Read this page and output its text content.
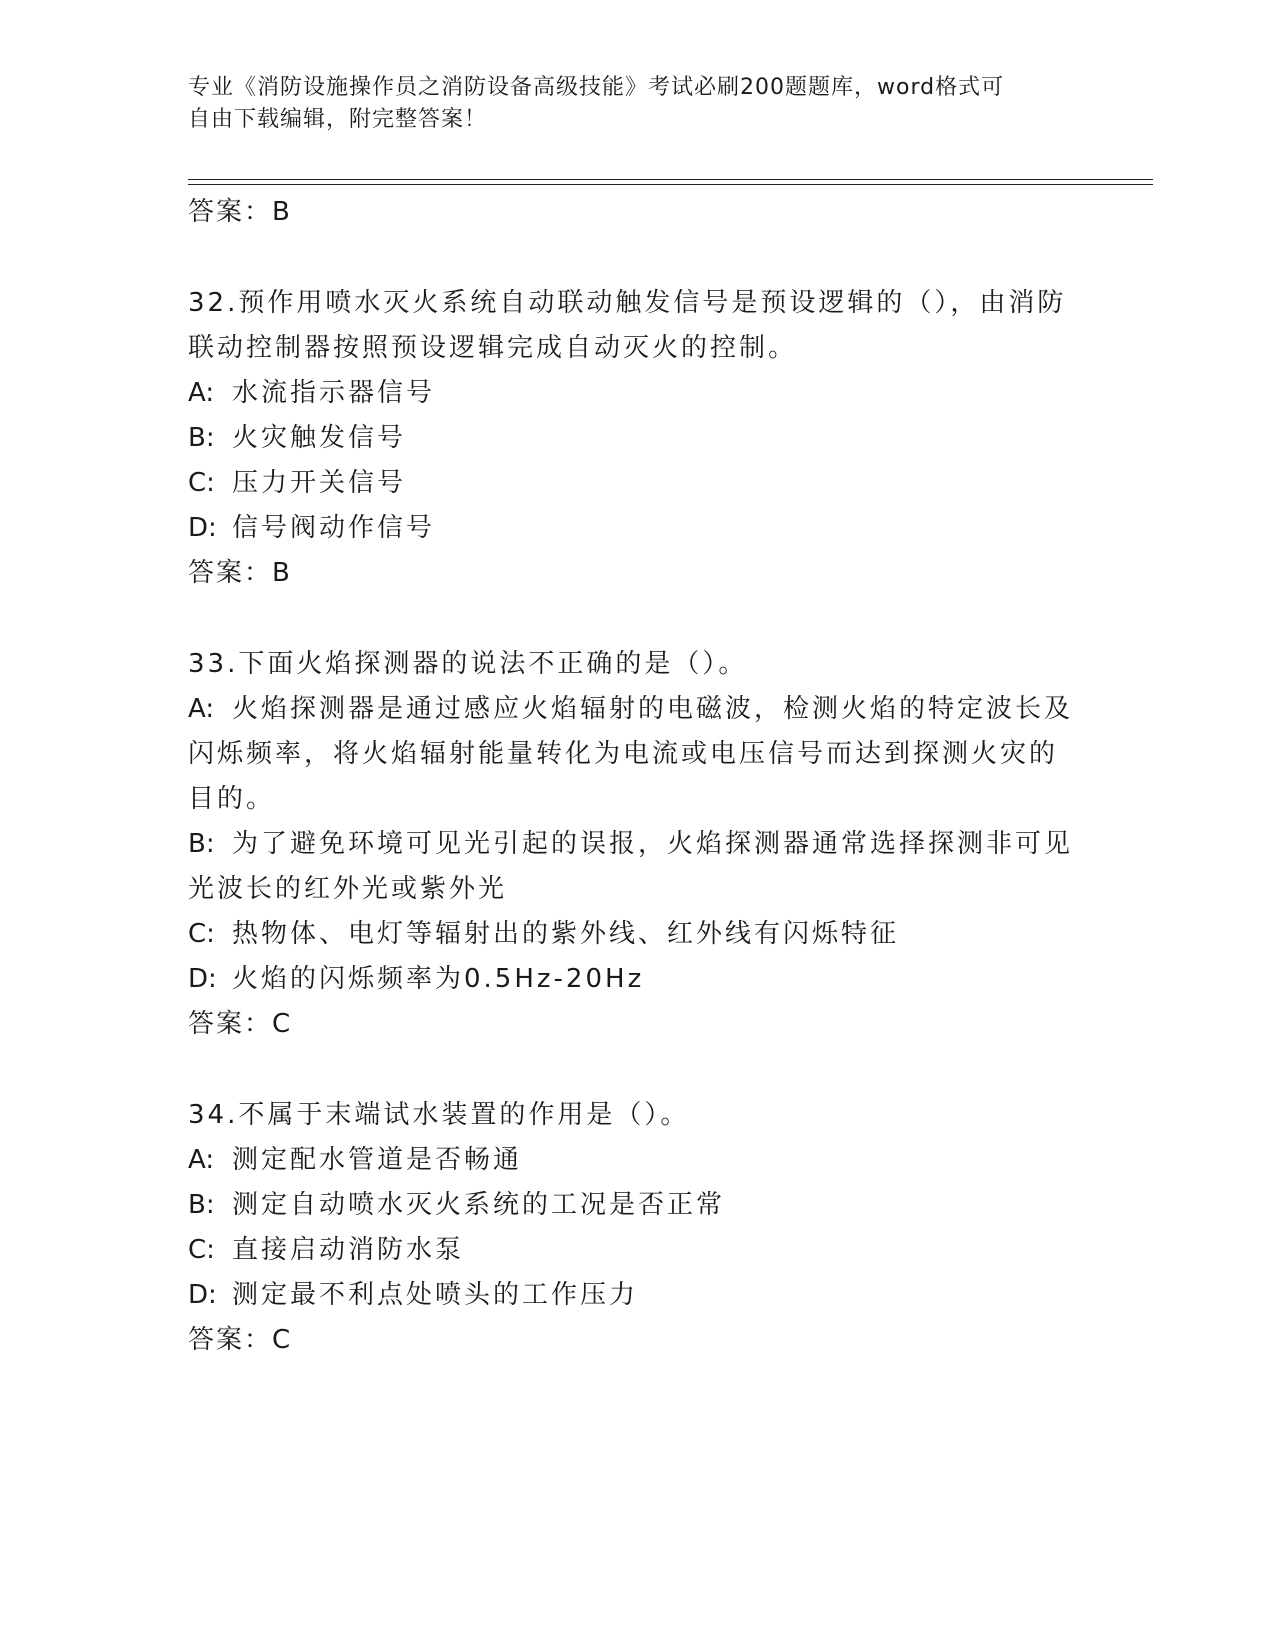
专业《消防设施操作员之消防设备高级技能》考试必刷200题题库，word格式可
自由下载编辑，附完整答案！
答案：B
32.预作用喷水灭火系统自动联动触发信号是预设逻辑的（），由消防
联动控制器按照预设逻辑完成自动灭火的控制。
A: 水流指示器信号
B: 火灾触发信号
C: 压力开关信号
D: 信号阀动作信号
答案：B
33.下面火焰探测器的说法不正确的是（）。
A: 火焰探测器是通过感应火焰辐射的电磁波，检测火焰的特定波长及
闪烁频率，将火焰辐射能量转化为电流或电压信号而达到探测火灾的
目的。
B: 为了避免环境可见光引起的误报，火焰探测器通常选择探测非可见
光波长的红外光或紫外光
C: 热物体、电灯等辐射出的紫外线、红外线有闪烁特征
D: 火焰的闪烁频率为0.5Hz-20Hz
答案：C
34.不属于末端试水装置的作用是（）。
A: 测定配水管道是否畅通
B: 测定自动喷水灭火系统的工况是否正常
C: 直接启动消防水泵
D: 测定最不利点处喷头的工作压力
答案：C
